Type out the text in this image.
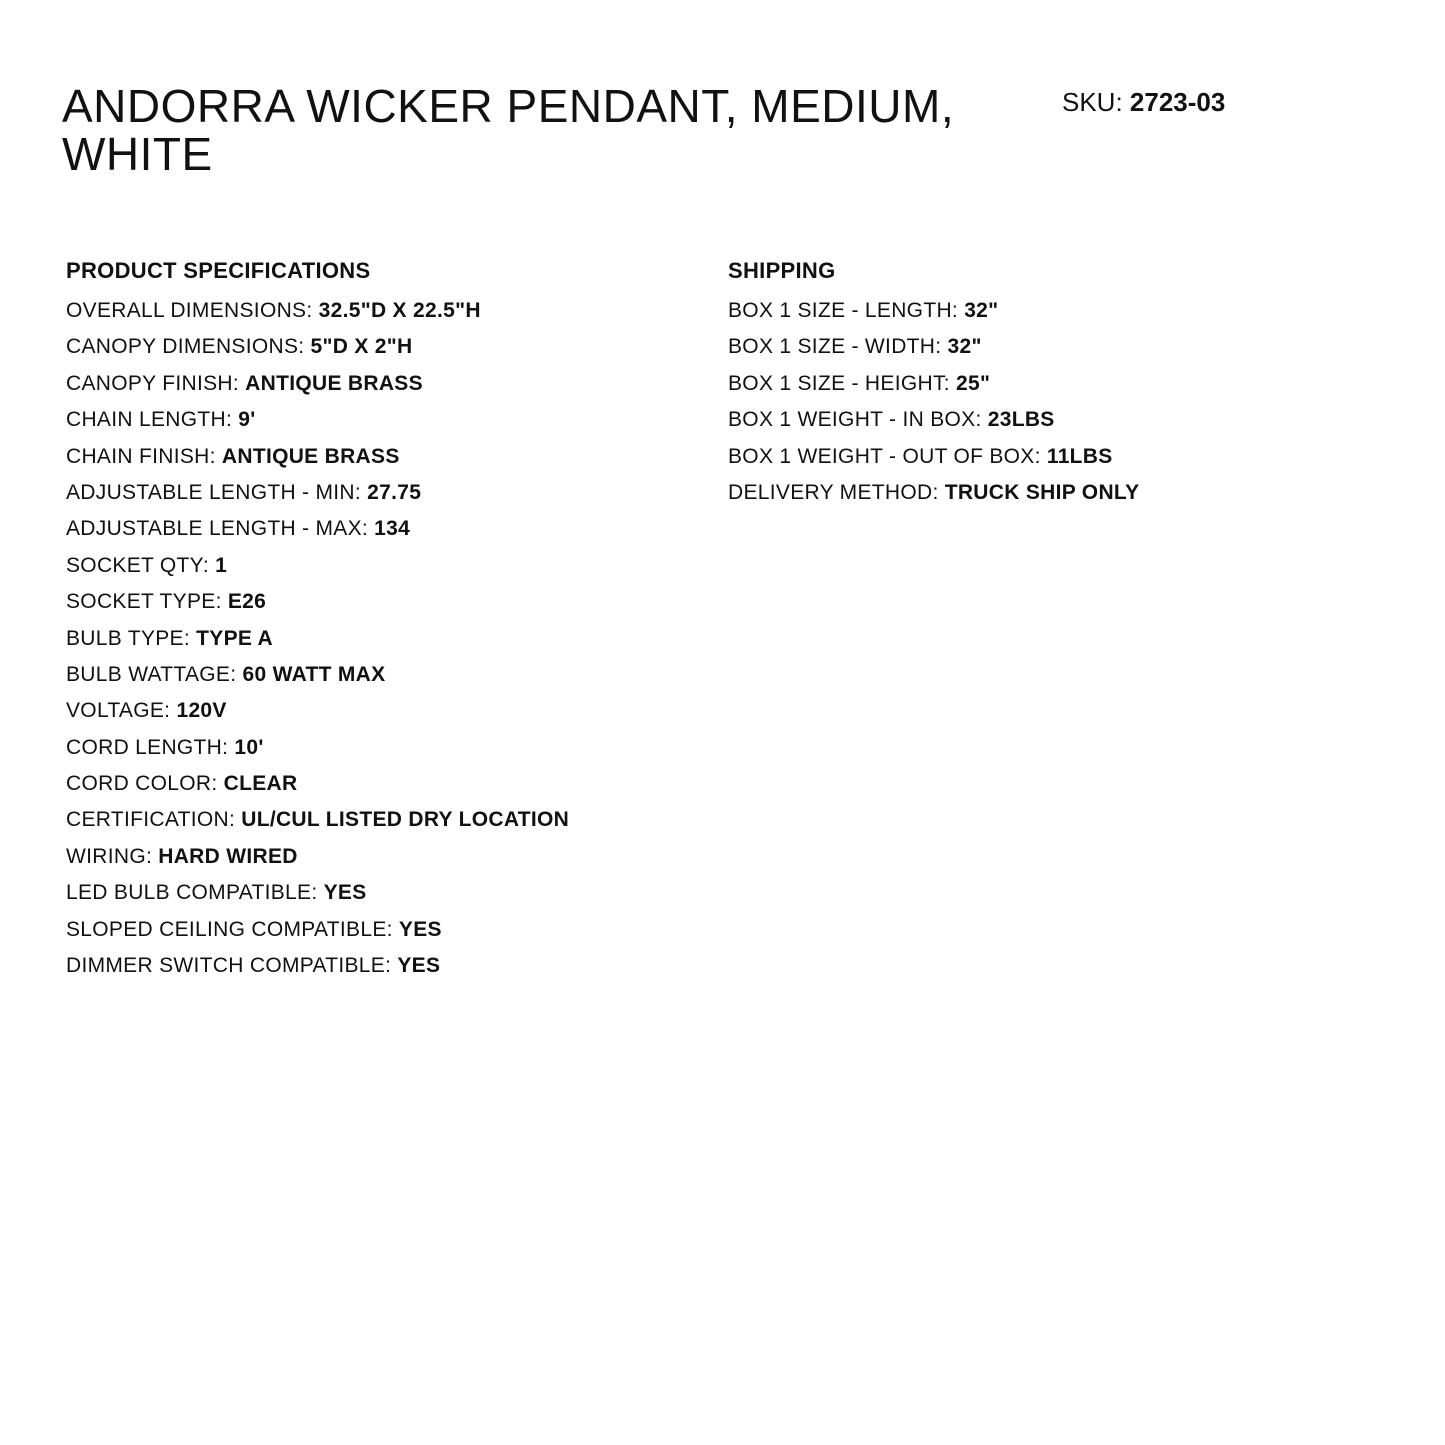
ANDORRA WICKER PENDANT, MEDIUM, WHITE
SKU: 2723-03
PRODUCT SPECIFICATIONS
OVERALL DIMENSIONS: 32.5"D X 22.5"H
CANOPY DIMENSIONS: 5"D X 2"H
CANOPY FINISH: ANTIQUE BRASS
CHAIN LENGTH: 9'
CHAIN FINISH: ANTIQUE BRASS
ADJUSTABLE LENGTH - MIN: 27.75
ADJUSTABLE LENGTH - MAX: 134
SOCKET QTY: 1
SOCKET TYPE: E26
BULB TYPE: TYPE A
BULB WATTAGE: 60 WATT MAX
VOLTAGE: 120V
CORD LENGTH: 10'
CORD COLOR: CLEAR
CERTIFICATION: UL/CUL LISTED DRY LOCATION
WIRING: HARD WIRED
LED BULB COMPATIBLE: YES
SLOPED CEILING COMPATIBLE: YES
DIMMER SWITCH COMPATIBLE: YES
SHIPPING
BOX 1 SIZE - LENGTH: 32"
BOX 1 SIZE - WIDTH: 32"
BOX 1 SIZE - HEIGHT: 25"
BOX 1 WEIGHT - IN BOX: 23LBS
BOX 1 WEIGHT - OUT OF BOX: 11LBS
DELIVERY METHOD: TRUCK SHIP ONLY
